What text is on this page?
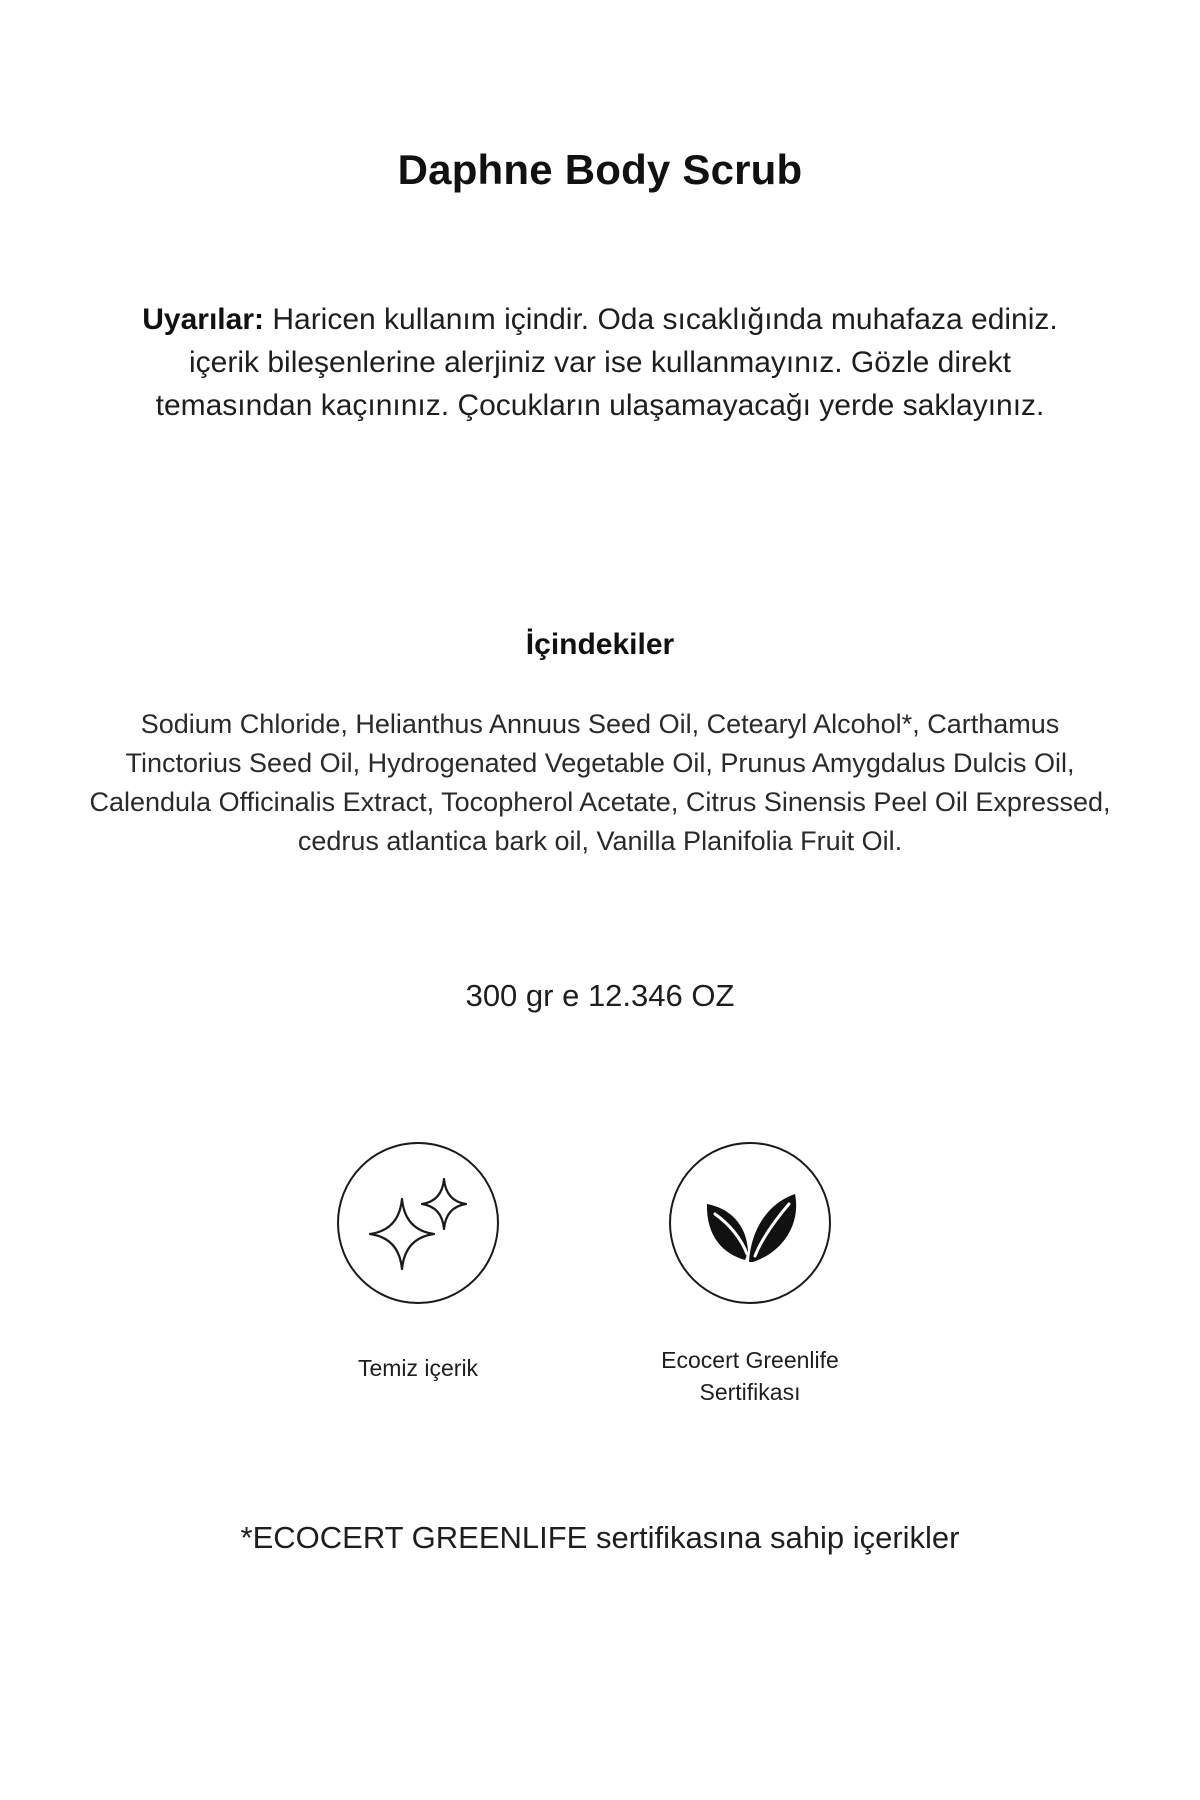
Daphne Body Scrub
Uyarılar: Haricen kullanım içindir. Oda sıcaklığında muhafaza ediniz. içerik bileşenlerine alerjiniz var ise kullanmayınız. Gözle direkt temasından kaçınınız. Çocukların ulaşamayacağı yerde saklayınız.
İçindekiler
Sodium Chloride, Helianthus Annuus Seed Oil, Cetearyl Alcohol*, Carthamus Tinctorius Seed Oil, Hydrogenated Vegetable Oil, Prunus Amygdalus Dulcis Oil, Calendula Officinalis Extract, Tocopherol Acetate, Citrus Sinensis Peel Oil Expressed, cedrus atlantica bark oil, Vanilla Planifolia Fruit Oil.
300 gr e 12.346 OZ
Temiz içerik	Ecocert Greenlife
Sertifikası
*ECOCERT GREENLIFE sertifikasına sahip içerikler
